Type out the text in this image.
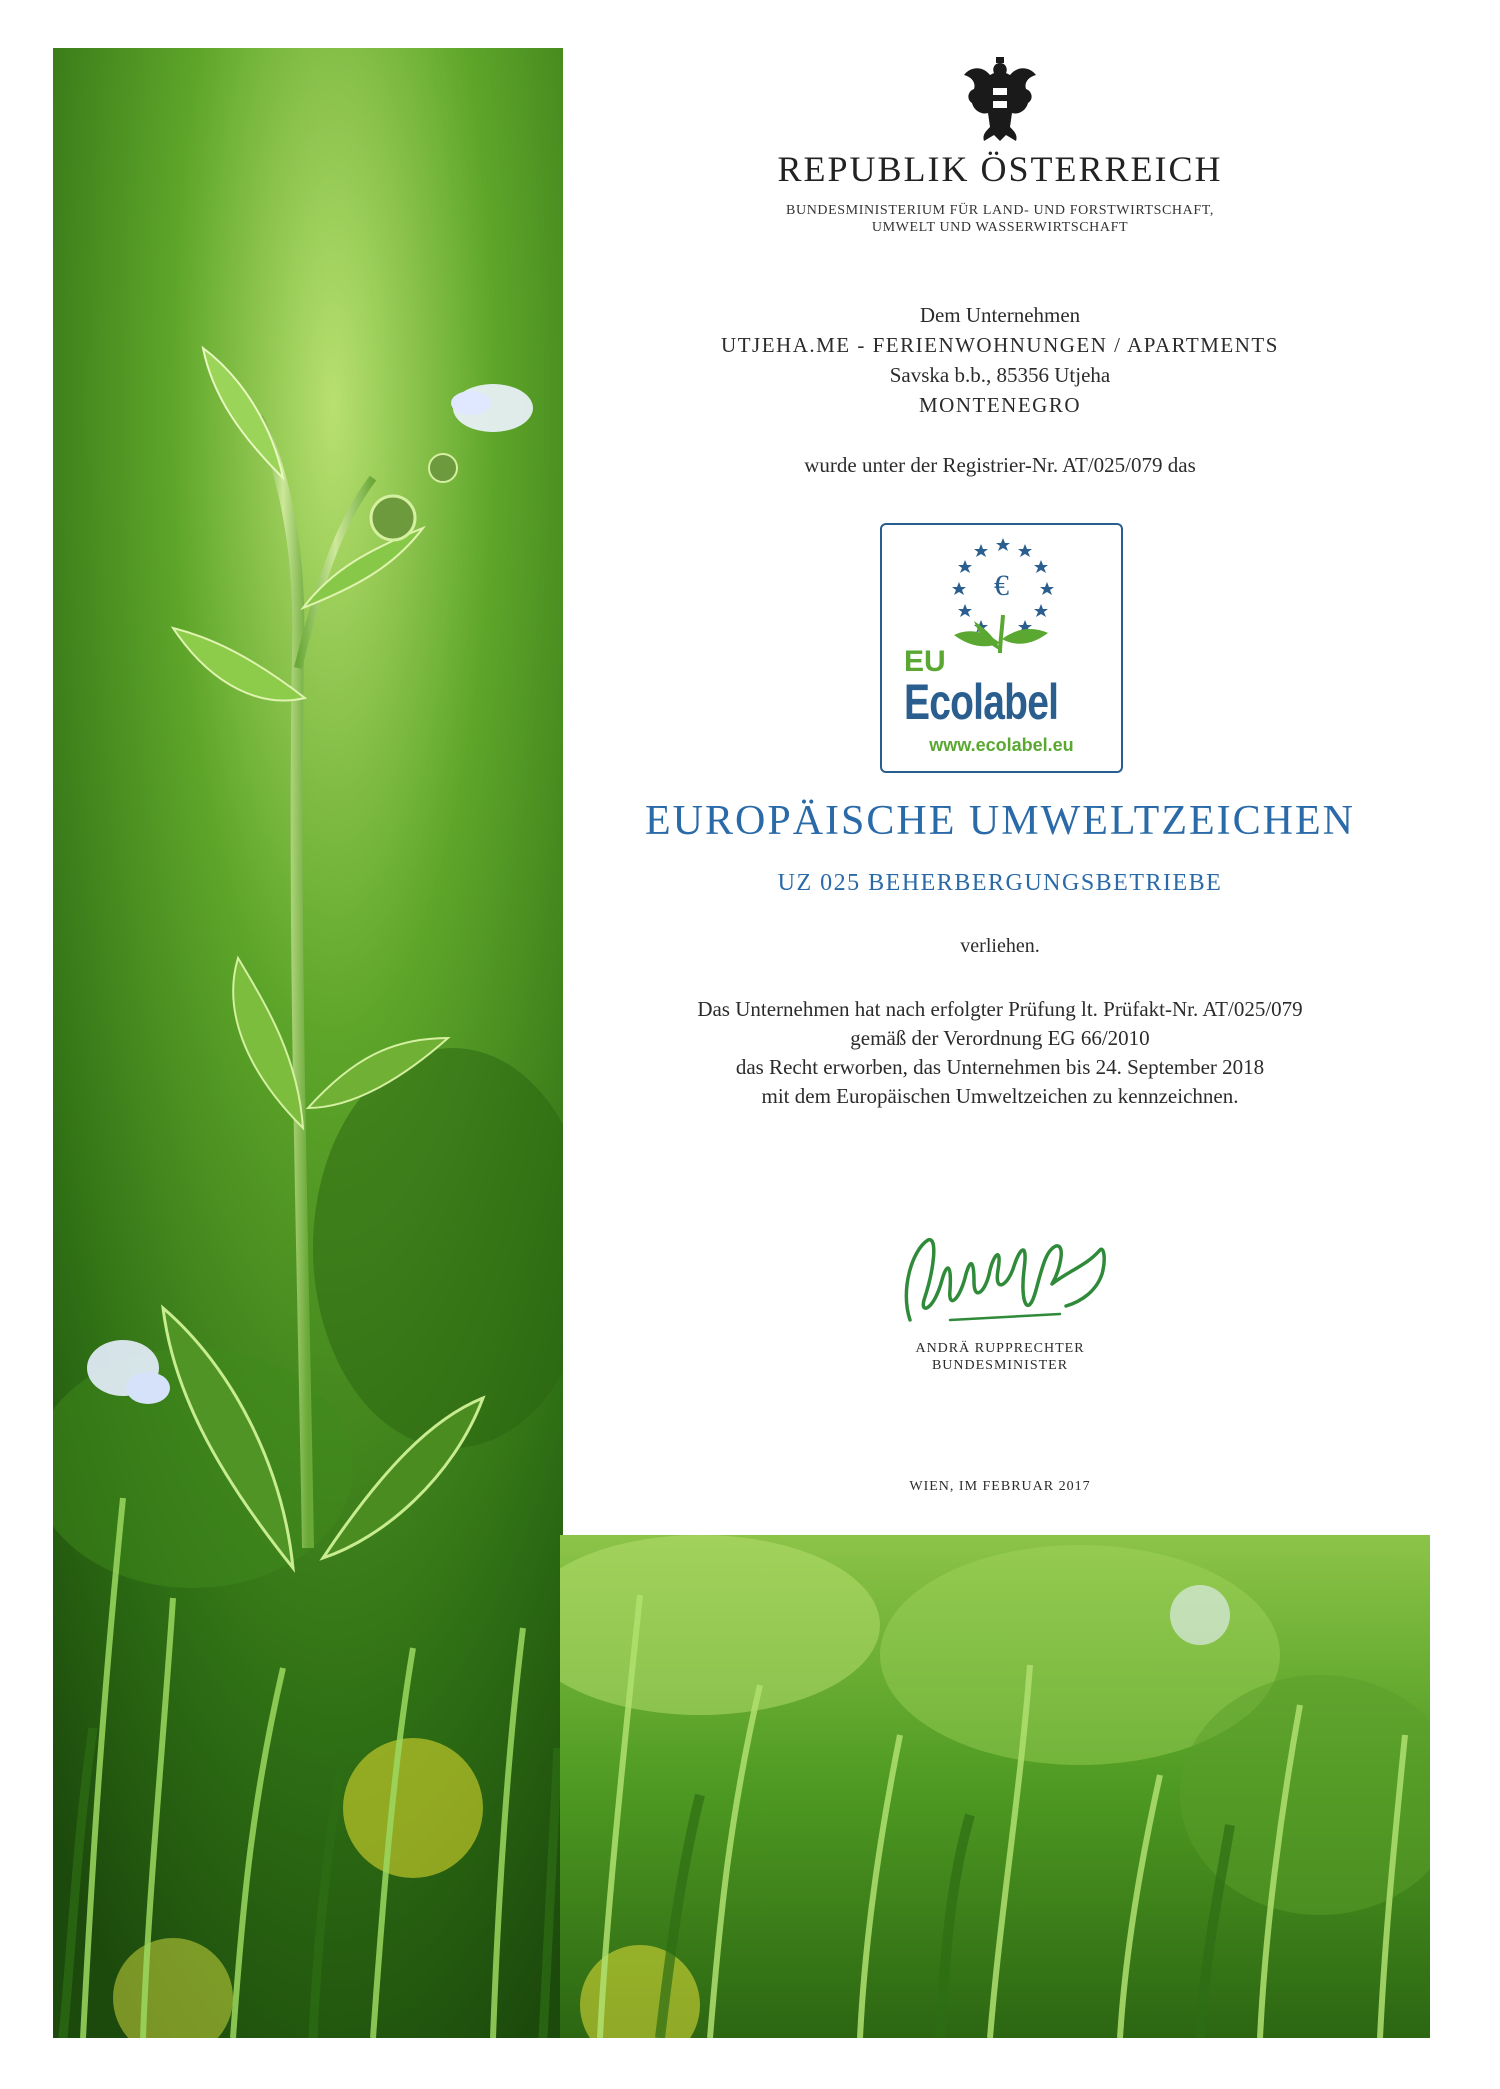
REPUBLIK ÖSTERREICH
BUNDESMINISTERIUM FÜR LAND- UND FORSTWIRTSCHAFT,
UMWELT UND WASSERWIRTSCHAFT
Dem Unternehmen
UTJEHA.ME - FERIENWOHNUNGEN / APARTMENTS
Savska b.b., 85356 Utjeha
MONTENEGRO
wurde unter der Registrier-Nr. AT/025/079 das
€
EU
Ecolabel
www.ecolabel.eu
EUROPÄISCHE UMWELTZEICHEN
UZ 025 BEHERBERGUNGSBETRIEBE
verliehen.
Das Unternehmen hat nach erfolgter Prüfung lt. Prüfakt-Nr. AT/025/079
gemäß der Verordnung EG 66/2010
das Recht erworben, das Unternehmen bis 24. September 2018
mit dem Europäischen Umweltzeichen zu kennzeichnen.
ANDRÄ RUPPRECHTER
BUNDESMINISTER
WIEN, IM FEBRUAR 2017
